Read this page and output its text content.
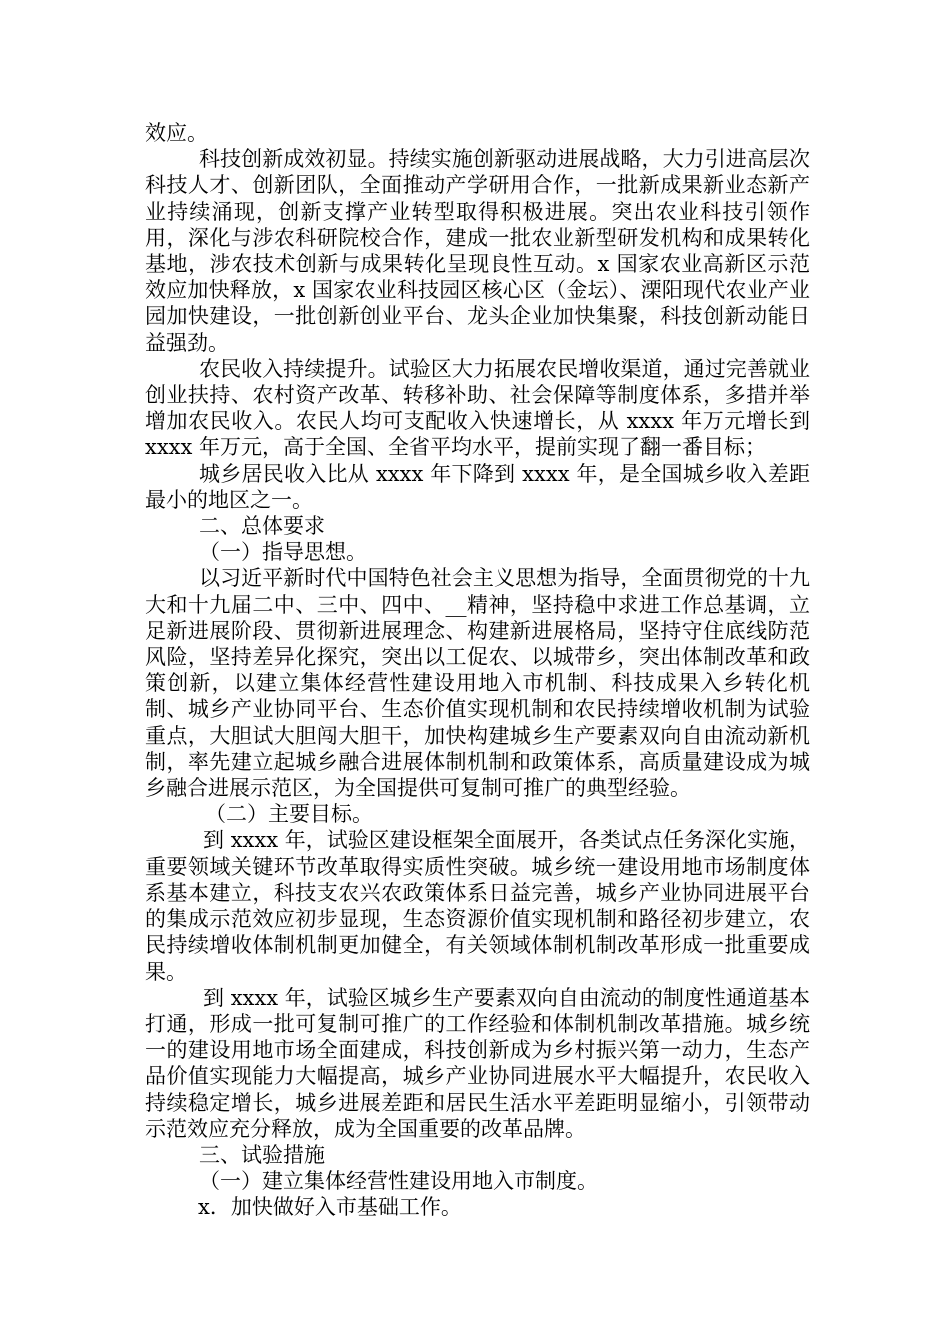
效应。

科技创新成效初显。持续实施创新驱动进展战略，大力引进高层次科技人才、创新团队，全面推动产学研用合作，一批新成果新业态新产业持续涌现，创新支撑产业转型取得积极进展。突出农业科技引领作用，深化与涉农科研院校合作，建成一批农业新型研发机构和成果转化基地，涉农技术创新与成果转化呈现良性互动。x 国家农业高新区示范效应加快释放，x 国家农业科技园区核心区（金坛）、溧阳现代农业产业园加快建设，一批创新创业平台、龙头企业加快集聚，科技创新动能日益强劲。

农民收入持续提升。试验区大力拓展农民增收渠道，通过完善就业创业扶持、农村资产改革、转移补助、社会保障等制度体系，多措并举增加农民收入。农民人均可支配收入快速增长，从 xxxx 年万元增长到 xxxx 年万元，高于全国、全省平均水平，提前实现了翻一番目标；

城乡居民收入比从 xxxx 年下降到 xxxx 年，是全国城乡收入差距最小的地区之一。

二、总体要求

（一）指导思想。

以习近平新时代中国特色社会主义思想为指导，全面贯彻党的十九大和十九届二中、三中、四中、__精神，坚持稳中求进工作总基调，立足新进展阶段、贯彻新进展理念、构建新进展格局，坚持守住底线防范风险，坚持差异化探究，突出以工促农、以城带乡，突出体制改革和政策创新，以建立集体经营性建设用地入市机制、科技成果入乡转化机制、城乡产业协同平台、生态价值实现机制和农民持续增收机制为试验重点，大胆试大胆闯大胆干，加快构建城乡生产要素双向自由流动新机制，率先建立起城乡融合进展体制机制和政策体系，高质量建设成为城乡融合进展示范区，为全国提供可复制可推广的典型经验。

（二）主要目标。

到 xxxx 年，试验区建设框架全面展开，各类试点任务深化实施，重要领域关键环节改革取得实质性突破。城乡统一建设用地市场制度体系基本建立，科技支农兴农政策体系日益完善，城乡产业协同进展平台的集成示范效应初步显现，生态资源价值实现机制和路径初步建立，农民持续增收体制机制更加健全，有关领域体制机制改革形成一批重要成果。

到 xxxx 年，试验区城乡生产要素双向自由流动的制度性通道基本打通，形成一批可复制可推广的工作经验和体制机制改革措施。城乡统一的建设用地市场全面建成，科技创新成为乡村振兴第一动力，生态产品价值实现能力大幅提高，城乡产业协同进展水平大幅提升，农民收入持续稳定增长，城乡进展差距和居民生活水平差距明显缩小，引领带动示范效应充分释放，成为全国重要的改革品牌。

三、试验措施

（一）建立集体经营性建设用地入市制度。

x．加快做好入市基础工作。
